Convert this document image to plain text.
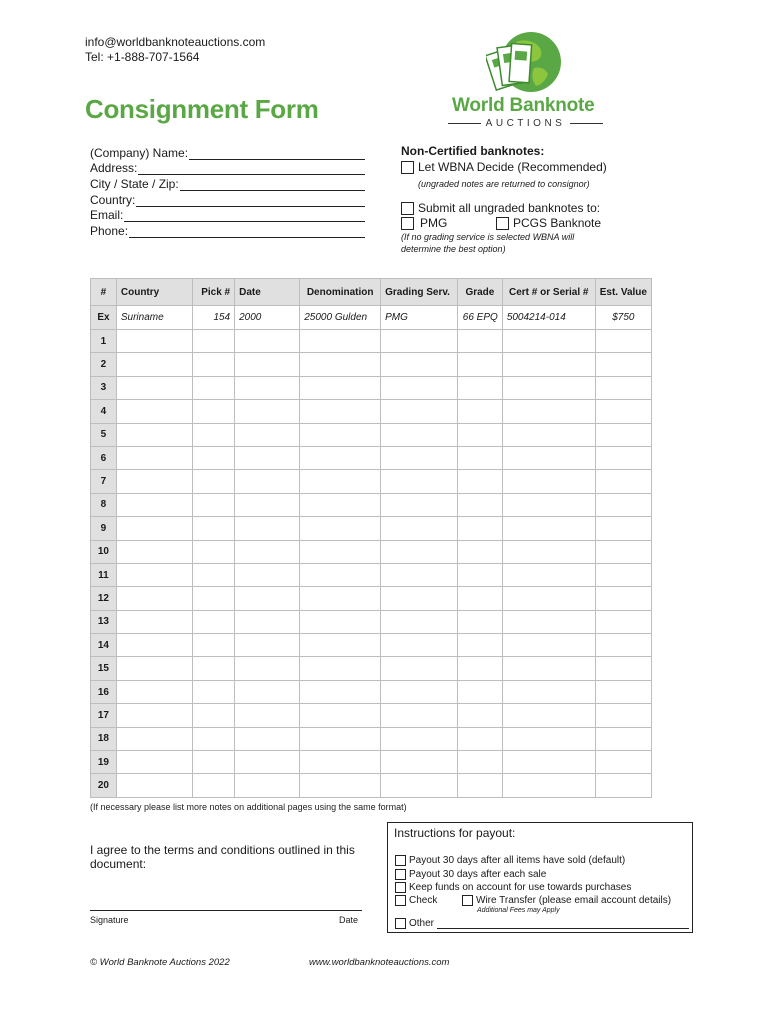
info@worldbanknoteauctions.com
Tel: +1-888-707-1564
Consignment Form	World Banknote
AUCTIONS
(Company) Name:
Address:
City / State / Zip:
Country:
Email:
Phone:
Non-Certified banknotes:
Let WBNA Decide (Recommended)
(ungraded notes are returned to consignor)
Submit all ungraded banknotes to:
PMG	PCGS Banknote
(If no grading service is selected WBNA will determine the best option)
#	Country	Pick #	Date	Denomination	Grading Serv.	Grade	Cert # or Serial #	Est. Value
Ex	Suriname	154	2000	25000 Gulden	PMG	66 EPQ	5004214-014	$750
1								
2								
3								
4								
5								
6								
7								
8								
9								
10								
11								
12								
13								
14								
15								
16								
17								
18								
19								
20								
(If necessary please list more notes on additional pages using the same format)
I agree to the terms and conditions outlined in this document:
Signature	Date
Instructions for payout:
Payout 30 days after all items have sold (default)
Payout 30 days after each sale
Keep funds on account for use towards purchases
Check	Wire Transfer (please email account details)
Additional Fees may Apply
Other
© World Banknote Auctions 2022	www.worldbanknoteauctions.com
